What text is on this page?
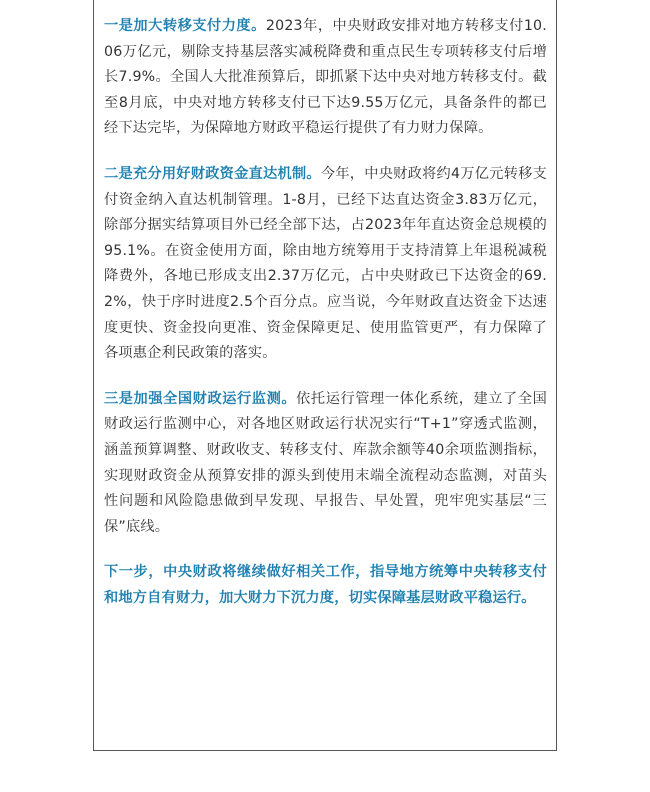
一是加大转移支付力度。2023年，中央财政安排对地方转移支付10.06万亿元，剔除支持基层落实减税降费和重点民生专项转移支付后增长7.9%。全国人大批准预算后，即抓紧下达中央对地方转移支付。截至8月底，中央对地方转移支付已下达9.55万亿元，具备条件的都已经下达完毕，为保障地方财政平稳运行提供了有力财力保障。

二是充分用好财政资金直达机制。今年，中央财政将约4万亿元转移支付资金纳入直达机制管理。1-8月，已经下达直达资金3.83万亿元，除部分据实结算项目外已经全部下达，占2023年年直达资金总规模的95.1%。在资金使用方面，除由地方统筹用于支持清算上年退税减税降费外，各地已形成支出2.37万亿元，占中央财政已下达资金的69.2%，快于序时进度2.5个百分点。应当说，今年财政直达资金下达速度更快、资金投向更准、资金保障更足、使用监管更严，有力保障了各项惠企利民政策的落实。

三是加强全国财政运行监测。依托运行管理一体化系统，建立了全国财政运行监测中心，对各地区财政运行状况实行“T+1”穿透式监测，涵盖预算调整、财政收支、转移支付、库款余额等40余项监测指标，实现财政资金从预算安排的源头到使用末端全流程动态监测，对苗头性问题和风险隐患做到早发现、早报告、早处置，兜牢兜实基层“三保”底线。

下一步，中央财政将继续做好相关工作，指导地方统筹中央转移支付和地方自有财力，加大财力下沉力度，切实保障基层财政平稳运行。
